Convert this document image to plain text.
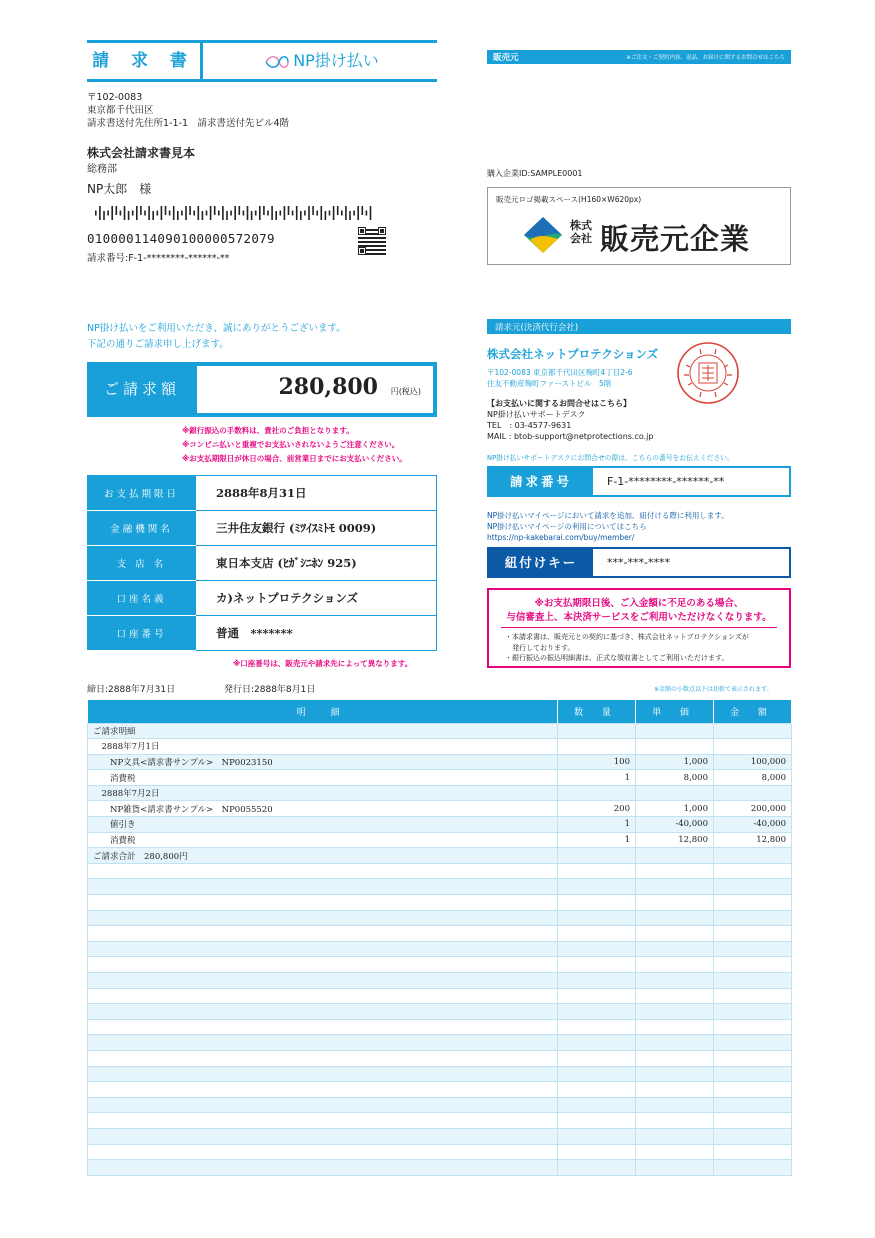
請 求 書	NP掛け払い	販売元	※ご注文・ご契約内容、返品、お届けに関するお問合せはこちら
〒102-0083
東京都千代田区
請求書送付先住所1-1-1　請求書送付先ビル4階
株式会社請求書見本
総務部
NP太郎　様
0100001140901000005720​79
請求番号:F-1-********-******-**
購入企業ID:SAMPLE0001
販売元ロゴ掲載スペース(H160×W620px)
株式会社 販売元企業
NP掛け払いをご利用いただき、誠にありがとうございます。
下記の通りご請求申し上げます。
ご請求額	280,800 円(税込)
※銀行振込の手数料は、貴社のご負担となります。
※コンビニ払いと重複でお支払いされないようご注意ください。
※お支払期限日が休日の場合、前営業日までにお支払いください。
お支払期限日	2888年8月31日
金融機関名	三井住友銀行 (ﾐﾂｲｽﾐﾄﾓ 0009)
支 店 名	東日本支店 (ﾋｶﾞｼﾆﾎﾝ 925)
口座名義	カ)ネットプロテクションズ
口座番号	普通　*******
※口座番号は、販売元や請求先によって異なります。
請求元(決済代行会社)
株式会社ネットプロテクションズ
〒102-0083 東京都千代田区麹町4丁目2-6
住友不動産麹町ファーストビル　5階
【お支払いに関するお問合せはこちら】
NP掛け払いサポートデスク
TEL　: 03-4577-9631
MAIL : btob-support@netprotections.co.jp
NP掛け払いサポートデスクにお問合せの際は、こちらの番号をお伝えください。
請求番号	F-1-********-******-**
NP掛け払いマイページにおいて請求を追加、紐付ける際に利用します。
NP掛け払いマイページの利用についてはこちら
https://np-kakebarai.com/buy/member/
紐付けキー	***-***-****
※お支払期限日後、ご入金額に不足のある場合、
与信審査上、本決済サービスをご利用いただけなくなります。
・本請求書は、販売元との契約に基づき、株式会社ネットプロテクションズが
　発行しております。
・銀行振込の振込明細書は、正式な領収書としてご利用いただけます。
締日:2888年7月31日	発行日:2888年8月1日	※金額の小数点以下は切捨て表示されます。
明　細	数 量	単 価	金 額
ご請求明細			
　2888年7月1日			
　　NP文具<請求書サンプル>　NP0023150	100	1,000	100,000
　　消費税	1	8,000	8,000
　2888年7月2日			
　　NP雑貨<請求書サンプル>　NP0055520	200	1,000	200,000
　　値引き	1	-40,000	-40,000
　　消費税	1	12,800	12,800
ご請求合計　280,800円			
